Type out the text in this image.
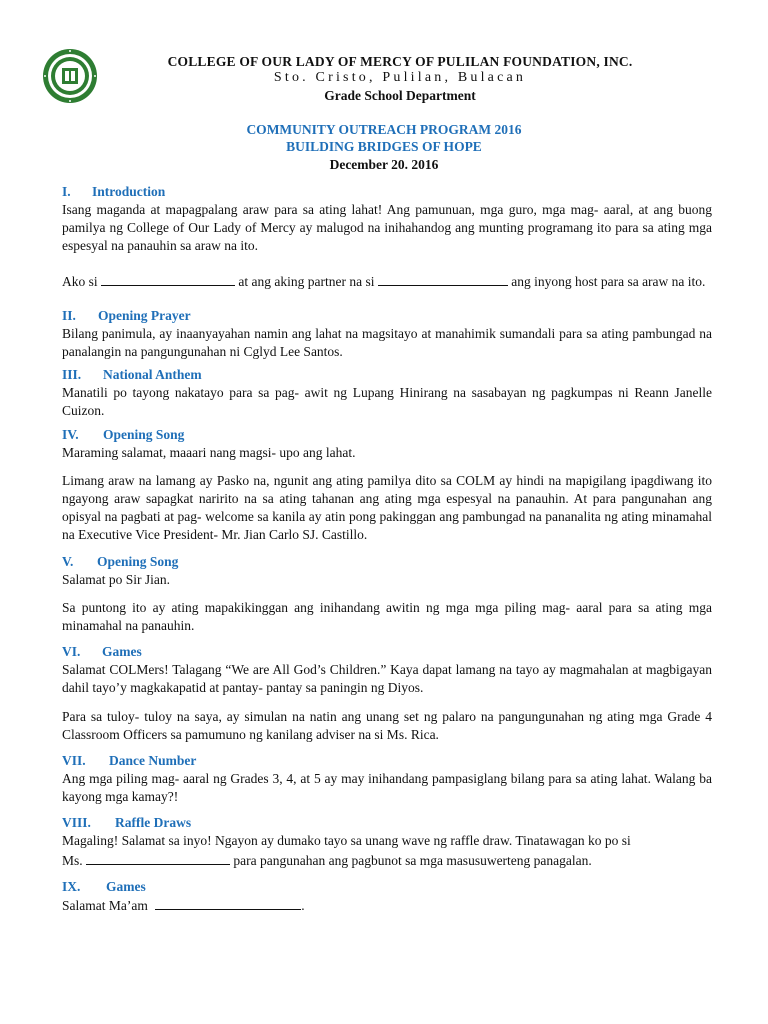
COLLEGE OF OUR LADY OF MERCY OF PULILAN FOUNDATION, INC.
Sto. Cristo, Pulilan, Bulacan
Grade School Department
COMMUNITY OUTREACH PROGRAM 2016
BUILDING BRIDGES OF HOPE
December 20. 2016
I.	Introduction

Isang maganda at mapagpalang araw para sa ating lahat! Ang pamunuan, mga guro, mga mag- aaral, at ang buong pamilya ng College of Our Lady of Mercy ay malugod na inihahandog ang munting programang ito para sa ating mga espesyal na panauhin sa araw na ito.

Ako si	at ang aking partner na si	ang inyong host para sa araw na ito.

II.	Opening Prayer

Bilang panimula, ay inaanyayahan namin ang lahat na magsitayo at manahimik sumandali para sa ating pambungad na panalangin na pangungunahan ni Cglyd Lee Santos.

III.	National Anthem

Manatili po tayong nakatayo para sa pag- awit ng Lupang Hinirang na sasabayan ng pagkumpas ni Reann Janelle Cuizon.

IV.	Opening Song

Maraming salamat, maaari nang magsi- upo ang lahat.

Limang araw na lamang ay Pasko na, ngunit ang ating pamilya dito sa COLM ay hindi na mapigilang ipagdiwang ito ngayong araw sapagkat naririto na sa ating tahanan ang ating mga espesyal na panauhin. At para pangunahan ang opisyal na pagbati at pag- welcome sa kanila ay atin pong pakinggan ang pambungad na pananalita ng ating minamahal na Executive Vice President- Mr. Jian Carlo SJ. Castillo.

V.	Opening Song

Salamat po Sir Jian.

Sa puntong ito ay ating mapakikinggan ang inihandang awitin ng mga mga piling mag- aaral para sa ating mga minamahal na panauhin.

VI.	Games

Salamat COLMers! Talagang “We are All God’s Children.” Kaya dapat lamang na tayo ay magmahalan at magbigayan dahil tayo’y magkakapatid at pantay- pantay sa paningin ng Diyos.

Para sa tuloy- tuloy na saya, ay simulan na natin ang unang set ng palaro na pangungunahan ng ating mga Grade 4 Classroom Officers sa pamumuno ng kanilang adviser na si Ms. Rica.

VII.	Dance Number

Ang mga piling mag- aaral ng Grades 3, 4, at 5 ay may inihandang pampasiglang bilang para sa ating lahat. Walang ba kayong mga kamay?!

VIII.	Raffle Draws

Magaling! Salamat sa inyo! Ngayon ay dumako tayo sa unang wave ng raffle draw. Tinatawagan ko po si

Ms.	para pangunahan ang pagbunot sa mga masusuwerteng panagalan.

IX.	Games

Salamat Ma’am	.
